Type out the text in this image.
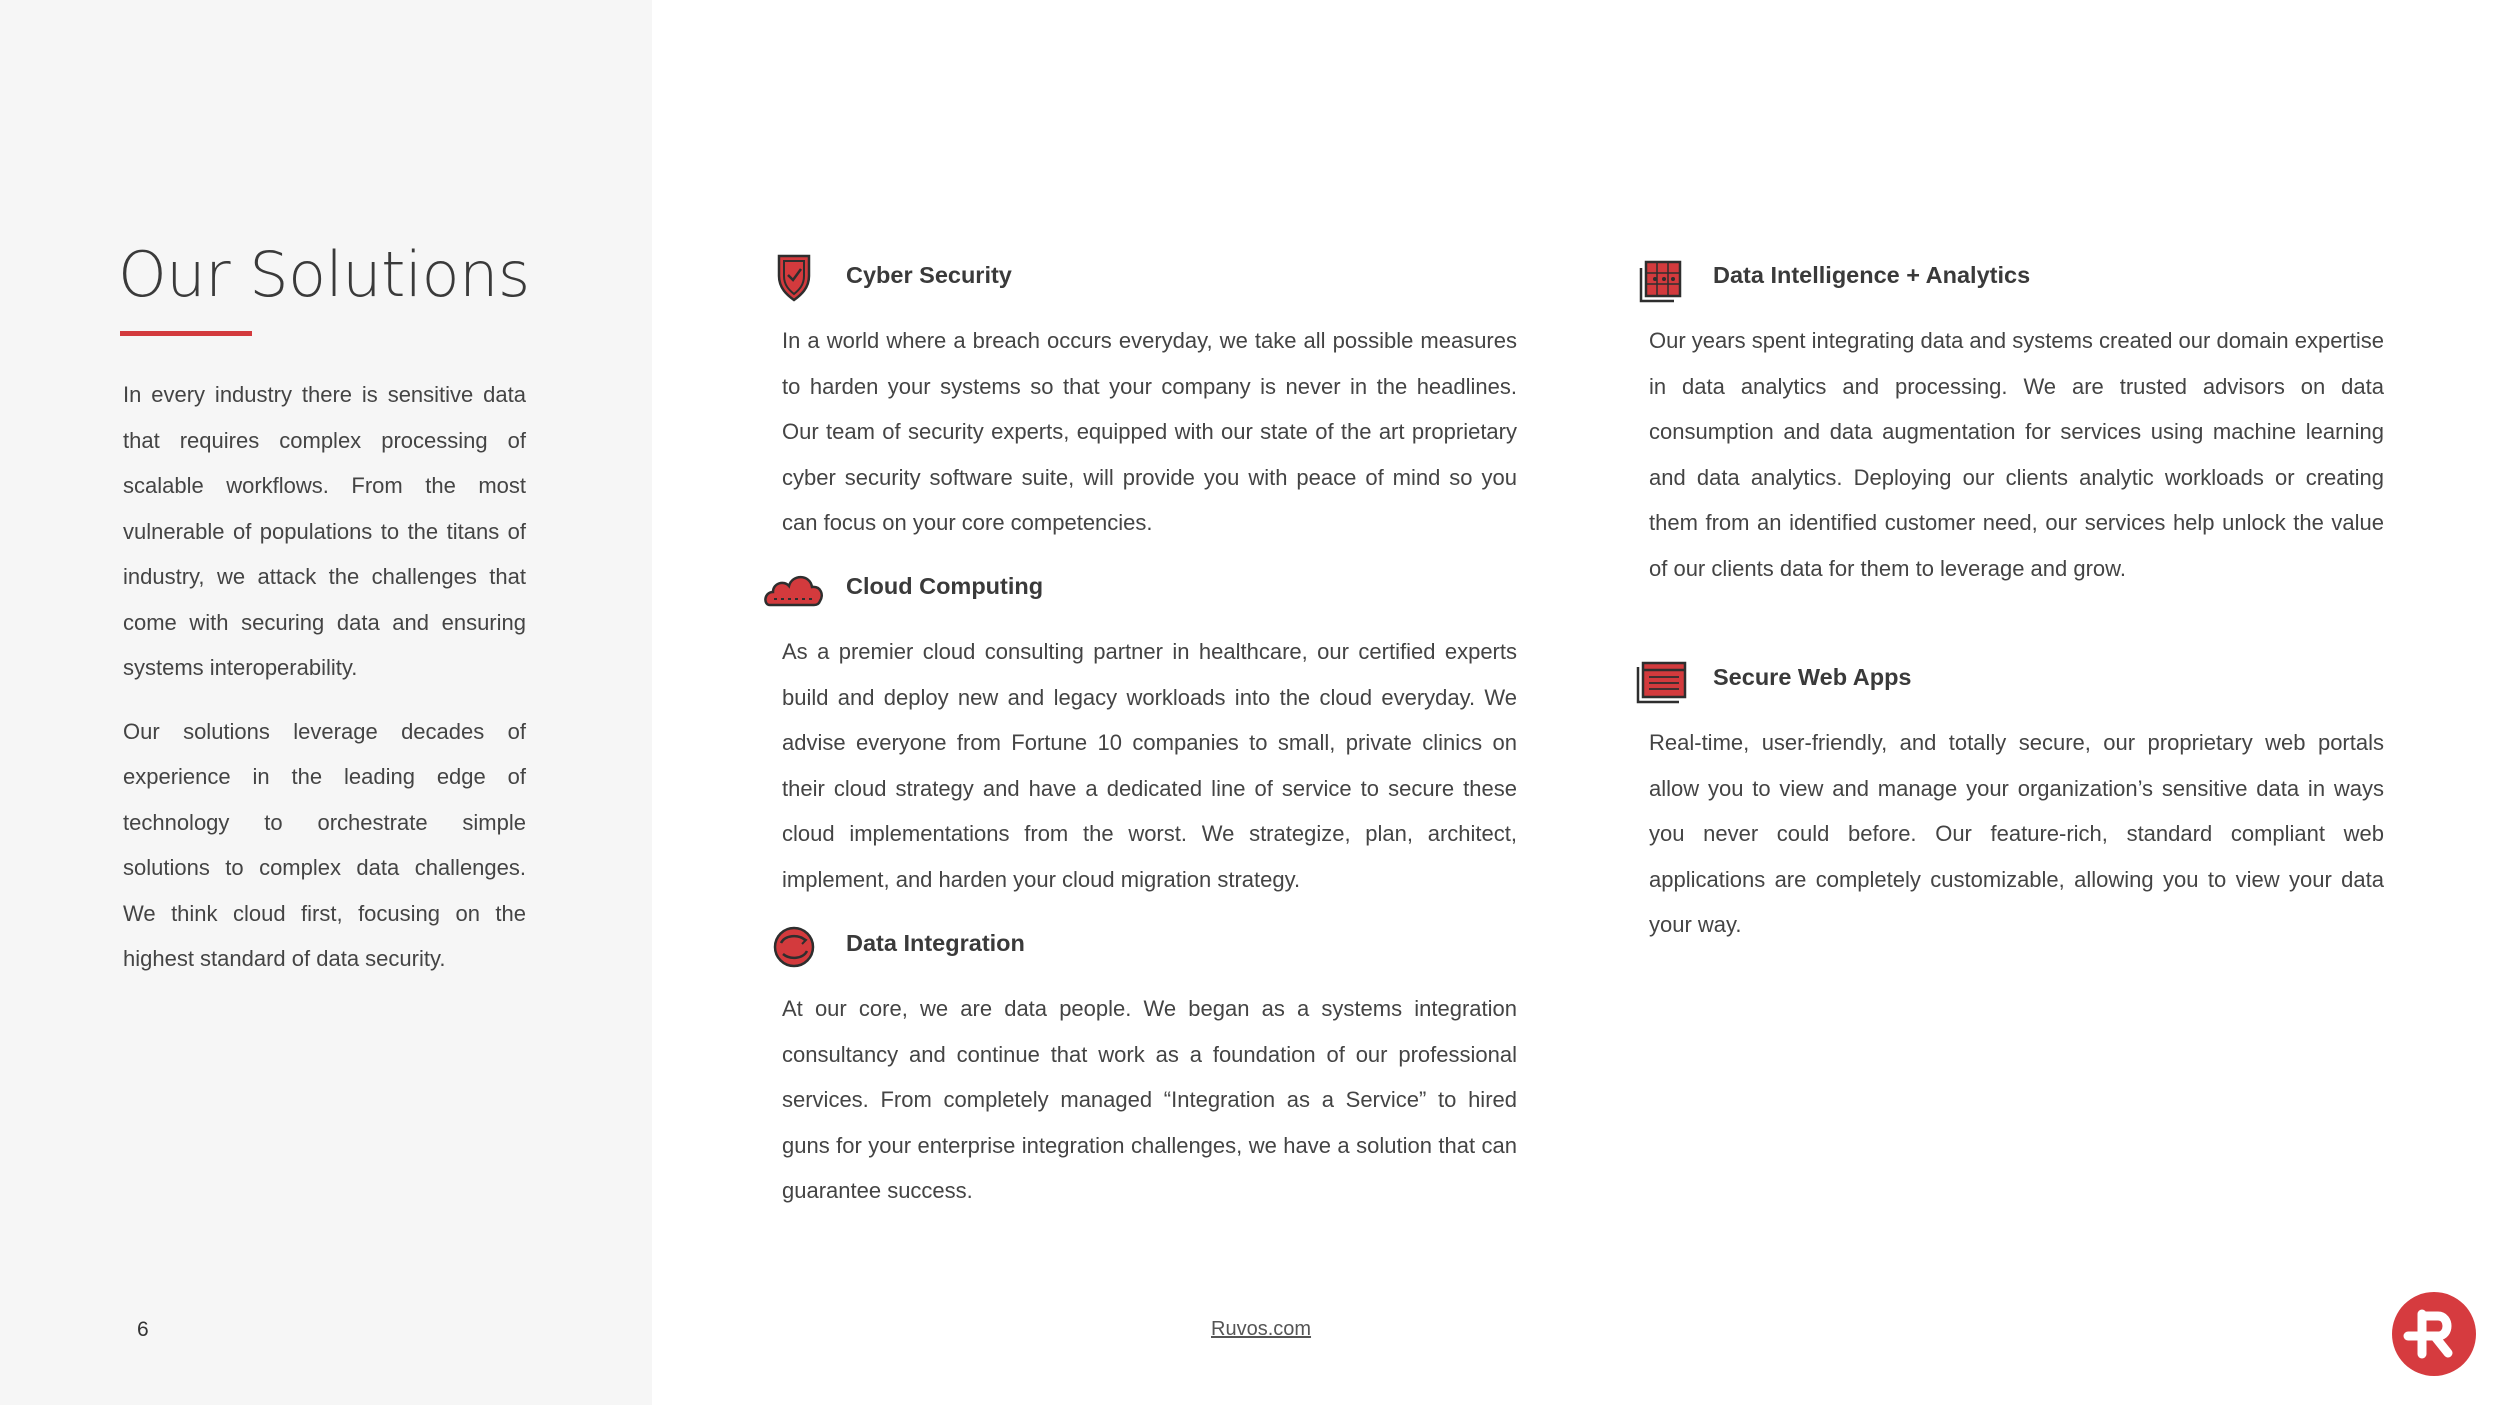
Our Solutions

In every industry there is sensitive data that requires complex processing of scalable workflows. From the most vulnerable of populations to the titans of industry, we attack the challenges that come with securing data and ensuring systems interoperability.

Our solutions leverage decades of experience in the leading edge of technology to orchestrate simple solutions to complex data challenges. We think cloud first, focusing on the highest standard of data security.

6
Cyber Security

In a world where a breach occurs everyday, we take all possible measures to harden your systems so that your company is never in the headlines. Our team of security experts, equipped with our state of the art proprietary cyber security software suite, will provide you with peace of mind so you can focus on your core competencies.

Cloud Computing

As a premier cloud consulting partner in healthcare, our certified experts build and deploy new and legacy workloads into the cloud everyday. We advise everyone from Fortune 10 companies to small, private clinics on their cloud strategy and have a dedicated line of service to secure these cloud implementations from the worst. We strategize, plan, architect, implement, and harden your cloud migration strategy.

Data Integration

At our core, we are data people. We began as a systems integration consultancy and continue that work as a foundation of our professional services. From completely managed “Integration as a Service” to hired guns for your enterprise integration challenges, we have a solution that can guarantee success.

Data Intelligence + Analytics

Our years spent integrating data and systems created our domain expertise in data analytics and processing. We are trusted advisors on data consumption and data augmentation for services using machine learning and data analytics. Deploying our clients analytic workloads or creating them from an identified customer need, our services help unlock the value of our clients data for them to leverage and grow.

Secure Web Apps

Real-time, user-friendly, and totally secure, our proprietary web portals allow you to view and manage your organization’s sensitive data in ways you never could before. Our feature-rich, standard compliant web applications are completely customizable, allowing you to view your data your way.

Ruvos.com
